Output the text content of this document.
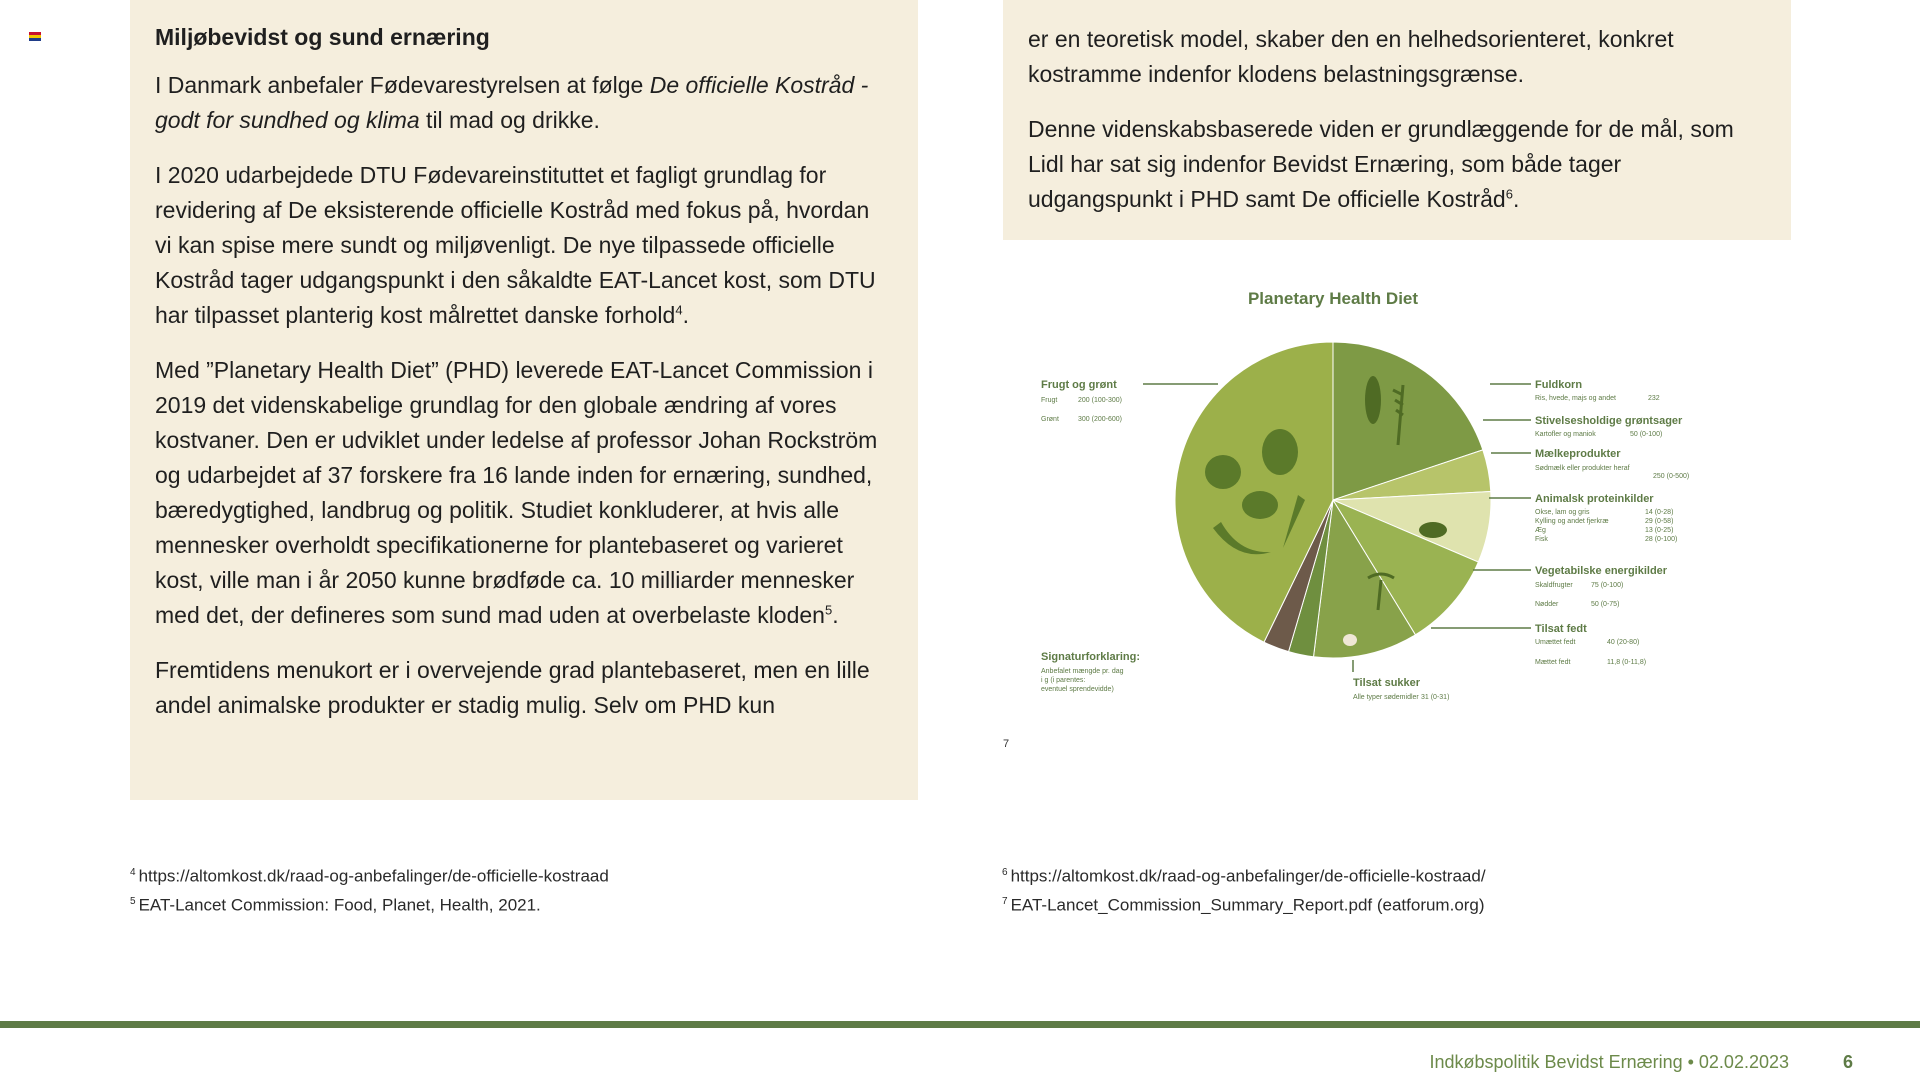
Miljøbevidst og sund ernæring

I Danmark anbefaler Fødevarestyrelsen at følge De officielle Kostråd - godt for sundhed og klima til mad og drikke.

I 2020 udarbejdede DTU Fødevareinstituttet et fagligt grundlag for revidering af De eksisterende officielle Kostråd med fokus på, hvordan vi kan spise mere sundt og miljøvenligt. De nye tilpassede officielle Kostråd tager udgangspunkt i den såkaldte EAT-Lancet kost, som DTU har tilpasset planterig kost målrettet danske forhold$^4$.

Med ”Planetary Health Diet” (PHD) leverede EAT-Lancet Commission i 2019 det videnskabelige grundlag for den globale ændring af vores kostvaner. Den er udviklet under ledelse af professor Johan Rockström og udarbejdet af 37 forskere fra 16 lande inden for ernæring, sundhed, bæredygtighed, landbrug og politik. Studiet konkluderer, at hvis alle mennesker overholdt specifikationerne for plantebaseret og varieret kost, ville man i år 2050 kunne brødføde ca. 10 milliarder mennesker med det, der defineres som sund mad uden at overbelaste kloden$^5$.

Fremtidens menukort er i overvejende grad plantebaseret, men en lille andel animalske produkter er stadig mulig. Selv om PHD kun

er en teoretisk model, skaber den en helhedsorienteret, konkret kostramme indenfor klodens belastningsgrænse.

Denne videnskabsbaserede viden er grundlæggende for de mål, som Lidl har sat sig indenfor Bevidst Ernæring, som både tager udgangspunkt i PHD samt De officielle Kostråd$^6$.

Planetary Health Diet
Frugt og grønt
Frugt	200 (100-300)
Grønt	300 (200-600)
Fuldkorn
Ris, hvede, majs og andet	232
Stivelsesholdige grøntsager
Kartofler og maniok	50 (0-100)
Mælkeprodukter
Sødmælk eller produkter heraf
250 (0-500)
Animalsk proteinkilder
Okse, lam og gris	14 (0-28)
Kylling og andet fjerkræ	29 (0-58)
Æg	13 (0-25)
Fisk	28 (0-100)
Vegetabilske energikilder
Skaldfrugter	75 (0-100)
Nødder	50 (0-75)
Tilsat fedt
Umættet fedt	40 (20-80)
Mættet fedt	11,8 (0-11,8)
Tilsat sukker
Alle typer sødemidler 31 (0-31)
Signaturforklaring:
Anbefalet mængde pr. dag
i g (i parentes:
eventuel sprendevidde)
7
$^4$ https://altomkost.dk/raad-og-anbefalinger/de-officielle-kostraad
$^5$ EAT-Lancet Commission: Food, Planet, Health, 2021.
$^6$ https://altomkost.dk/raad-og-anbefalinger/de-officielle-kostraad/
$^7$ EAT-Lancet_Commission_Summary_Report.pdf (eatforum.org)
Indkøbspolitik Bevidst Ernæring • 02.02.2023	6
